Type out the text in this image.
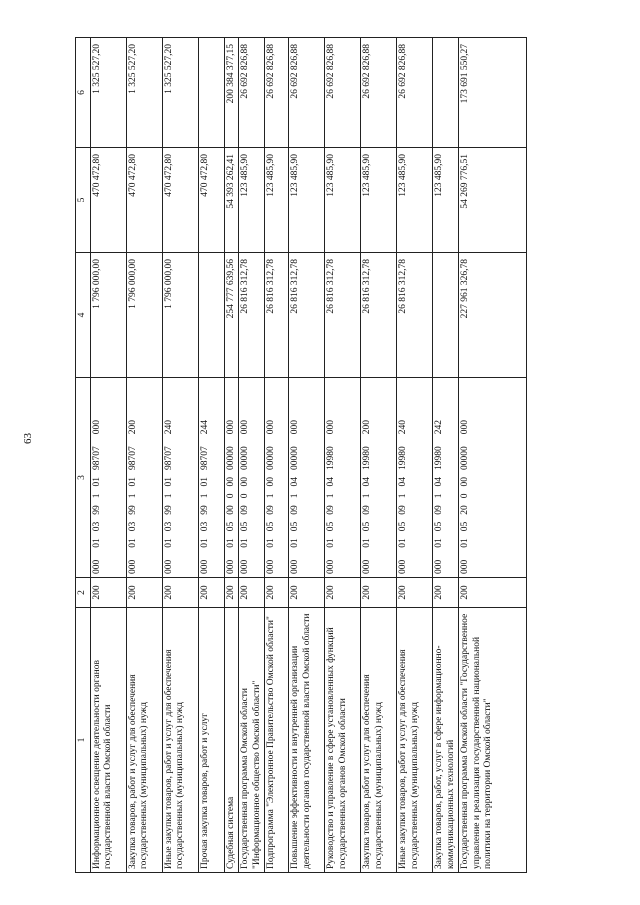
63
1	2	3	4	5	6
Информационное освещение деятельности органов государственной власти Омской области	200	00001039910198707000	1 796 000,00	470 472,80	1 325 527,20
Закупка товаров, работ и услуг для обеспечения государственных (муниципальных) нужд	200	00001039910198707200	1 796 000,00	470 472,80	1 325 527,20
Иные закупки товаров, работ и услуг для обеспечения государственных (муниципальных) нужд	200	00001039910198707240	1 796 000,00	470 472,80	1 325 527,20
Прочая закупка товаров, работ и услуг	200	00001039910198707244		470 472,80	
Судебная система	200	00001050000000000000	254 777 639,56	54 393 262,41	200 384 377,15
Государственная программа Омской области "Информационное общество Омской области"	200	00001050900000000000	26 816 312,78	123 485,90	26 692 826,88
Подпрограмма "Электронное Правительство Омской области"	200	00001050910000000000	26 816 312,78	123 485,90	26 692 826,88
Повышение эффективности и внутренней организации деятельности органов государственной власти Омской области	200	00001050910400000000	26 816 312,78	123 485,90	26 692 826,88
Руководство и управление в сфере установленных функций государственных органов Омской области	200	00001050910419980000	26 816 312,78	123 485,90	26 692 826,88
Закупка товаров, работ и услуг для обеспечения государственных (муниципальных) нужд	200	00001050910419980200	26 816 312,78	123 485,90	26 692 826,88
Иные закупки товаров, работ и услуг для обеспечения государственных (муниципальных) нужд	200	00001050910419980240	26 816 312,78	123 485,90	26 692 826,88
Закупка товаров, работ, услуг в сфере информационно-коммуникационных технологий	200	00001050910419980242		123 485,90	
Государственная программа Омской области "Государственное управление и реализация государственной национальной политики на территории Омской области"	200	00001052000000000000	227 961 326,78	54 269 776,51	173 691 550,27
